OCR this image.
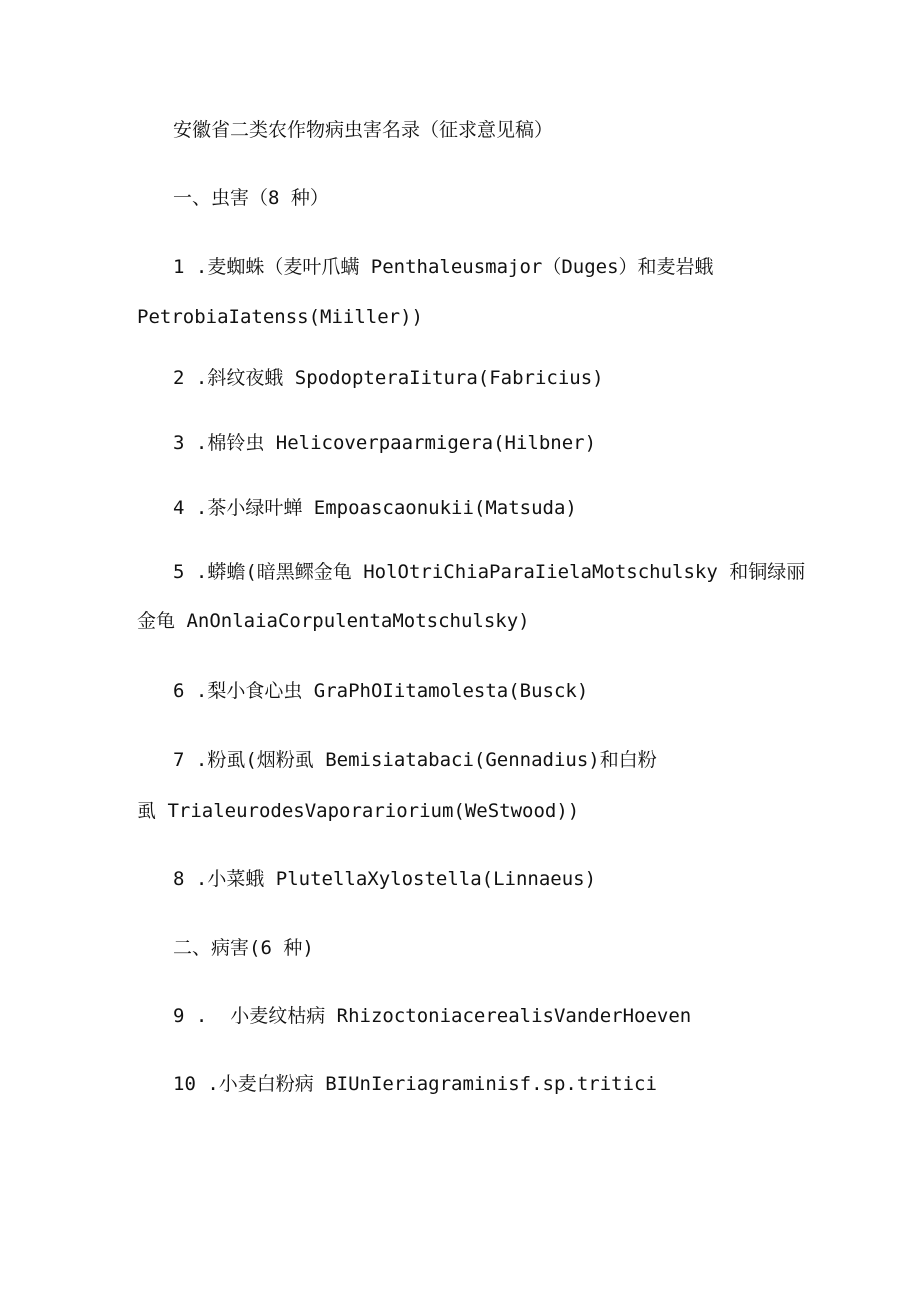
安徽省二类农作物病虫害名录（征求意见稿）
一、虫害（8 种）
1 .麦蜘蛛（麦叶爪螨 Penthaleusmajor（Duges）和麦岩蛾
PetrobiaIatenss(Miiller))
2 .斜纹夜蛾 SpodopteraIitura(Fabricius)
3 .棉铃虫 Helicoverpaarmigera(Hilbner)
4 .茶小绿叶蝉 Empoascaonukii(Matsuda)
5 .蟒蟾(暗黑鳏金龟 HolOtriChiaParaIielaMotschulsky 和铜绿丽
金龟 AnOnlaiaCorpulentaMotschulsky)
6 .梨小食心虫 GraPhOIitamolesta(Busck)
7 .粉虱(烟粉虱 Bemisiatabaci(Gennadius)和白粉
虱 TrialeurodesVaporariorium(WeStwood))
8 .小菜蛾 PlutellaXylostella(Linnaeus)
二、病害(6 种)
9 .  小麦纹枯病 RhizoctoniacerealisVanderHoeven
10 .小麦白粉病 BIUnIeriagraminisf.sp.tritici
